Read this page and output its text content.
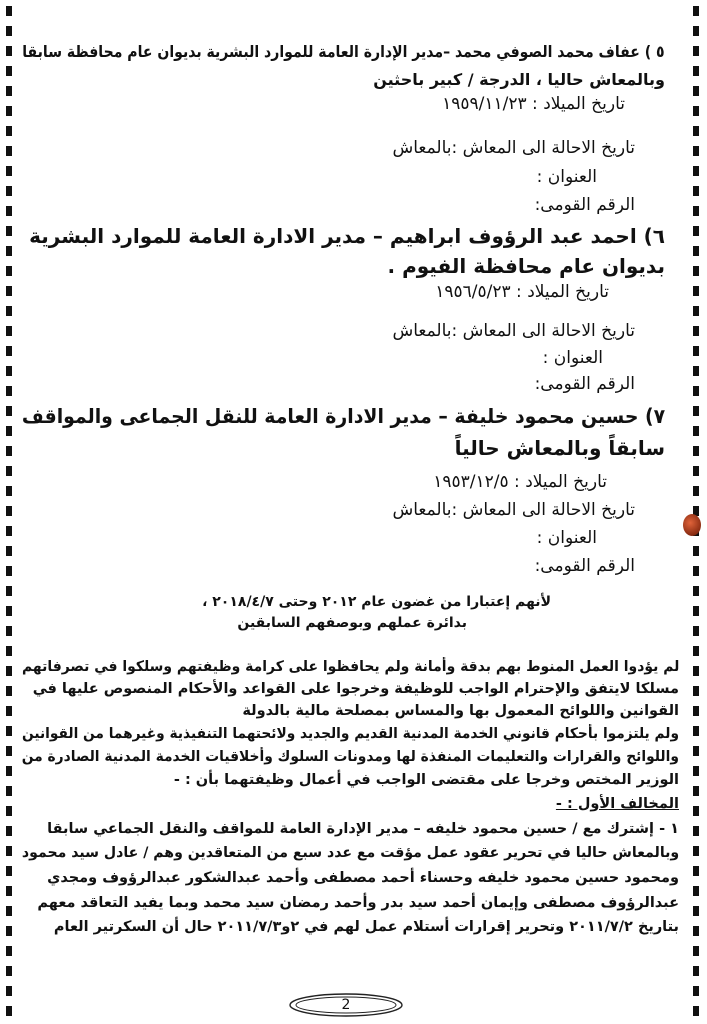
٥ ) عفاف محمد الصوفي محمد –مدير الإدارة العامة للموارد البشرية بديوان عام محافظة سابقا
وبالمعاش حاليا ، الدرجة / كبير باحثين
تاريخ الميلاد : ١٩٥٩/١١/٢٣
تاريخ الاحالة الى المعاش :بالمعاش
العنوان :
الرقم القومى:
٦) احمد عبد الرؤوف ابراهيم – مدير الادارة العامة للموارد البشرية
بديوان عام محافظة الفيوم .
تاريخ الميلاد : ١٩٥٦/٥/٢٣
تاريخ الاحالة الى المعاش :بالمعاش
العنوان :
الرقم القومى:
٧) حسين محمود خليفة – مدير الادارة العامة للنقل الجماعى والمواقف
سابقاً وبالمعاش حالياً
تاريخ الميلاد : ١٩٥٣/١٢/٥
تاريخ الاحالة الى المعاش :بالمعاش
العنوان :
الرقم القومى:
لأنهم إعتبارا من غضون عام ٢٠١٢ وحتى ٢٠١٨/٤/٧ ،
بدائرة عملهم وبوصفهم السابقين
لم يؤدوا العمل المنوط بهم بدقة وأمانة ولم يحافظوا على كرامة وظيفتهم وسلكوا في تصرفاتهم
مسلكا لايتفق والإحترام الواجب للوظيفة وخرجوا على القواعد والأحكام المنصوص عليها في
القوانين واللوائح المعمول بها والمساس بمصلحة مالية بالدولة
ولم يلتزموا بأحكام قانوني الخدمة المدنية القديم والجديد ولائحتهما التنفيذية وغيرهما من القوانين
واللوائح والقرارات والتعليمات المنفذة لها ومدونات السلوك وأخلاقيات الخدمة المدنية الصادرة من
الوزير المختص وخرجا على مقتضى الواجب في أعمال وظيفتهما بأن : -
المخالف الأول : -
١ - إشترك مع / حسين محمود خليفه – مدير الإدارة العامة للمواقف والنقل الجماعي سابقا
وبالمعاش حاليا في تحرير عقود عمل مؤقت مع عدد سبع من المتعاقدين وهم / عادل سيد محمود
ومحمود حسين محمود خليفه وحسناء أحمد مصطفى وأحمد عبدالشكور عبدالرؤوف ومجدي
عبدالرؤوف مصطفى وإيمان أحمد سيد بدر وأحمد رمضان سيد محمد وبما يفيد التعاقد معهم
بتاريخ ٢٠١١/٧/٢ وتحرير إقرارات أستلام عمل لهم في ٢و٢٠١١/٧/٣ حال أن السكرتير العام
2
